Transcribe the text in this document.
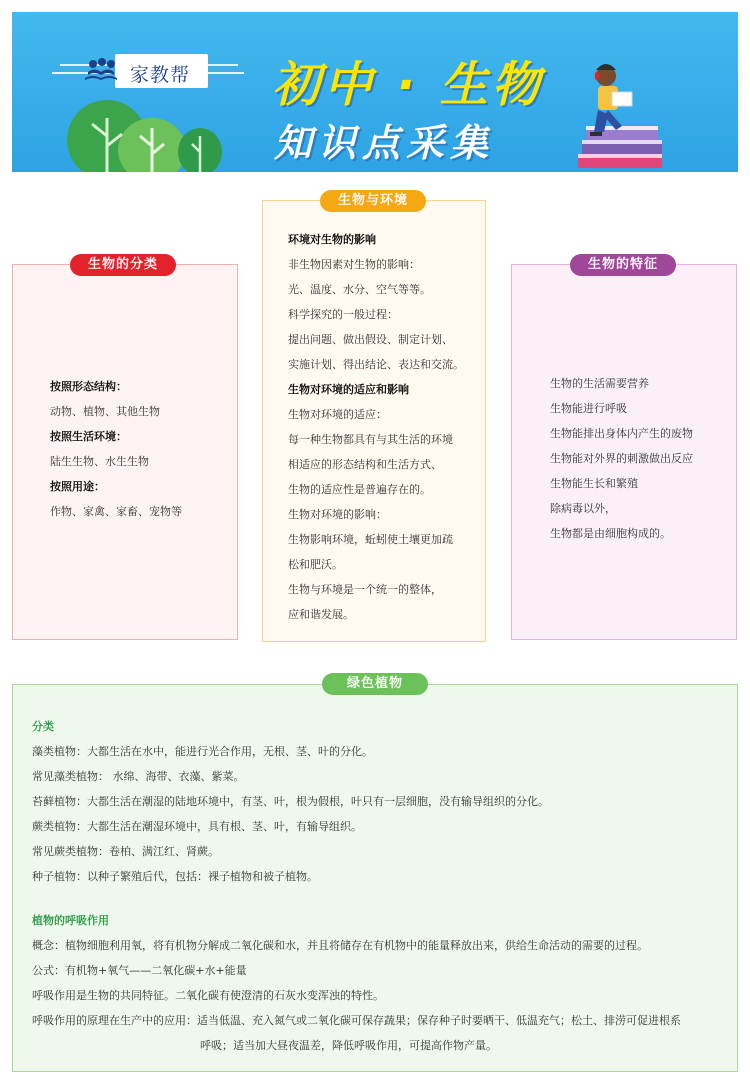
家教帮 初中 · 生物
知识点采集
生物的分类
生物与环境
生物的特征
绿色植物
按照形态结构：
动物、植物、其他生物
按照生活环境：
陆生生物、水生生物
按照用途：
作物、家禽、家畜、宠物等
环境对生物的影响
非生物因素对生物的影响：
光、温度、水分、空气等等。
科学探究的一般过程：
提出问题、做出假设、制定计划、
实施计划、得出结论、表达和交流。
生物对环境的适应和影响
生物对环境的适应：
每一种生物都具有与其生活的环境
相适应的形态结构和生活方式、
生物的适应性是普遍存在的。
生物对环境的影响：
生物影响环境，蚯蚓使土壤更加疏
松和肥沃。
生物与环境是一个统一的整体，
应和谐发展。
生物的生活需要营养
生物能进行呼吸
生物能排出身体内产生的废物
生物能对外界的刺激做出反应
生物能生长和繁殖
除病毒以外，
生物都是由细胞构成的。
分类
藻类植物：大都生活在水中，能进行光合作用，无根、茎、叶的分化。
常见藻类植物： 水绵、海带、衣藻、紫菜。
苔藓植物：大都生活在潮湿的陆地环境中，有茎、叶，根为假根，叶只有一层细胞，没有输导组织的分化。
蕨类植物：大都生活在潮湿环境中，具有根、茎、叶，有输导组织。
常见蕨类植物：卷柏、满江红、肾蕨。
种子植物：以种子繁殖后代，包括：裸子植物和被子植物。
植物的呼吸作用
概念：植物细胞利用氧，将有机物分解成二氧化碳和水，并且将储存在有机物中的能量释放出来，供给生命活动的需要的过程。
公式：有机物+氧气——二氧化碳+水+能量
呼吸作用是生物的共同特征。二氧化碳有使澄清的石灰水变浑浊的特性。
呼吸作用的原理在生产中的应用：适当低温、充入氮气或二氧化碳可保存蔬果；保存种子时要晒干、低温充气；松土、排涝可促进根系
呼吸；适当加大昼夜温差，降低呼吸作用，可提高作物产量。
